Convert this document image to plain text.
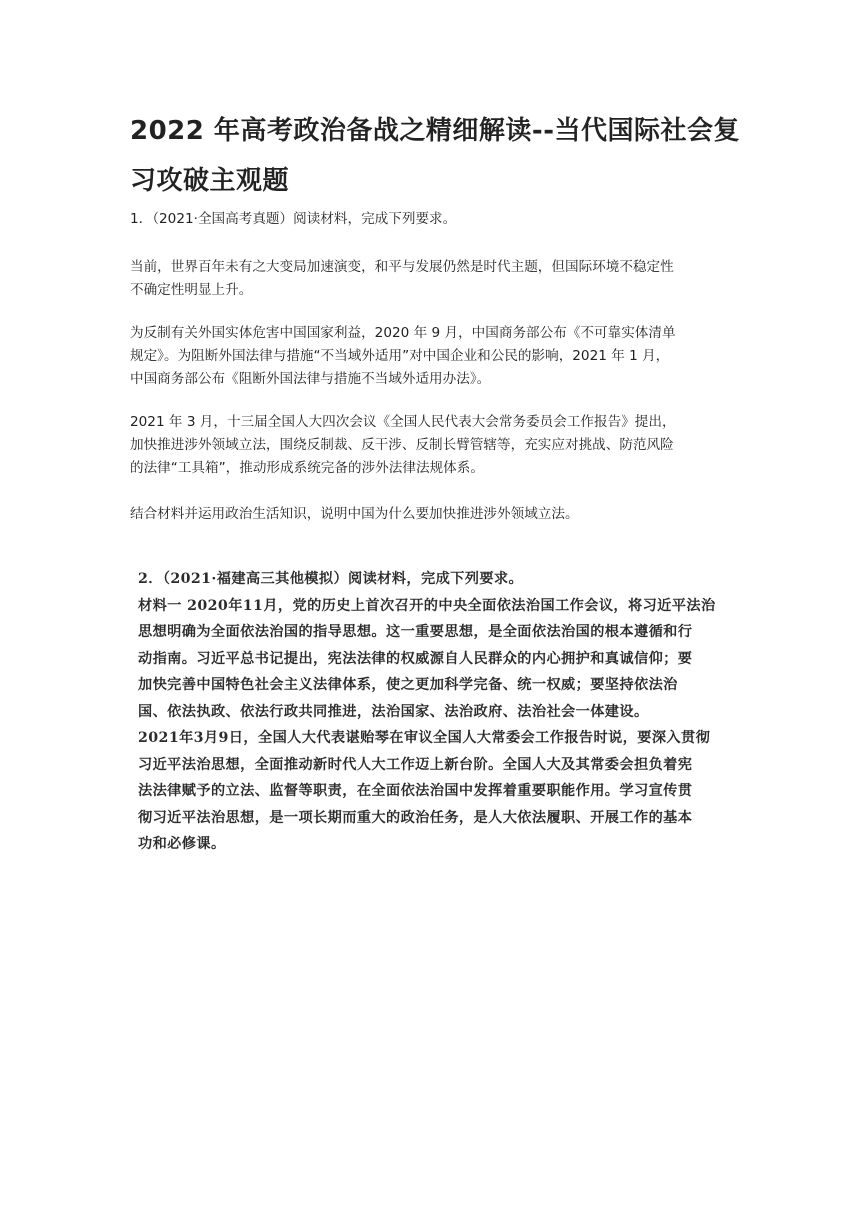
2022 年高考政治备战之精细解读--当代国际社会复
习攻破主观题

1．（2021·全国高考真题）阅读材料，完成下列要求。

当前，世界百年未有之大变局加速演变，和平与发展仍然是时代主题，但国际环境不稳定性
不确定性明显上升。

为反制有关外国实体危害中国国家利益，2020 年 9 月，中国商务部公布《不可靠实体清单
规定》。为阻断外国法律与措施“不当域外适用”对中国企业和公民的影响，2021 年 1 月，
中国商务部公布《阻断外国法律与措施不当域外适用办法》。

2021 年 3 月，十三届全国人大四次会议《全国人民代表大会常务委员会工作报告》提出，
加快推进涉外领域立法，围绕反制裁、反干涉、反制长臂管辖等，充实应对挑战、防范风险
的法律“工具箱”，推动形成系统完备的涉外法律法规体系。

结合材料并运用政治生活知识，说明中国为什么要加快推进涉外领域立法。

2．（2021·福建高三其他模拟）阅读材料，完成下列要求。
材料一 2020年11月，党的历史上首次召开的中央全面依法治国工作会议，将习近平法治
思想明确为全面依法治国的指导思想。这一重要思想，是全面依法治国的根本遵循和行
动指南。习近平总书记提出，宪法法律的权威源自人民群众的内心拥护和真诚信仰；要
加快完善中国特色社会主义法律体系，使之更加科学完备、统一权威；要坚持依法治
国、依法执政、依法行政共同推进，法治国家、法治政府、法治社会一体建设。
2021年3月9日，全国人大代表谌贻琴在审议全国人大常委会工作报告时说，要深入贯彻
习近平法治思想，全面推动新时代人大工作迈上新台阶。全国人大及其常委会担负着宪
法法律赋予的立法、监督等职责，在全面依法治国中发挥着重要职能作用。学习宣传贯
彻习近平法治思想，是一项长期而重大的政治任务，是人大依法履职、开展工作的基本
功和必修课。
